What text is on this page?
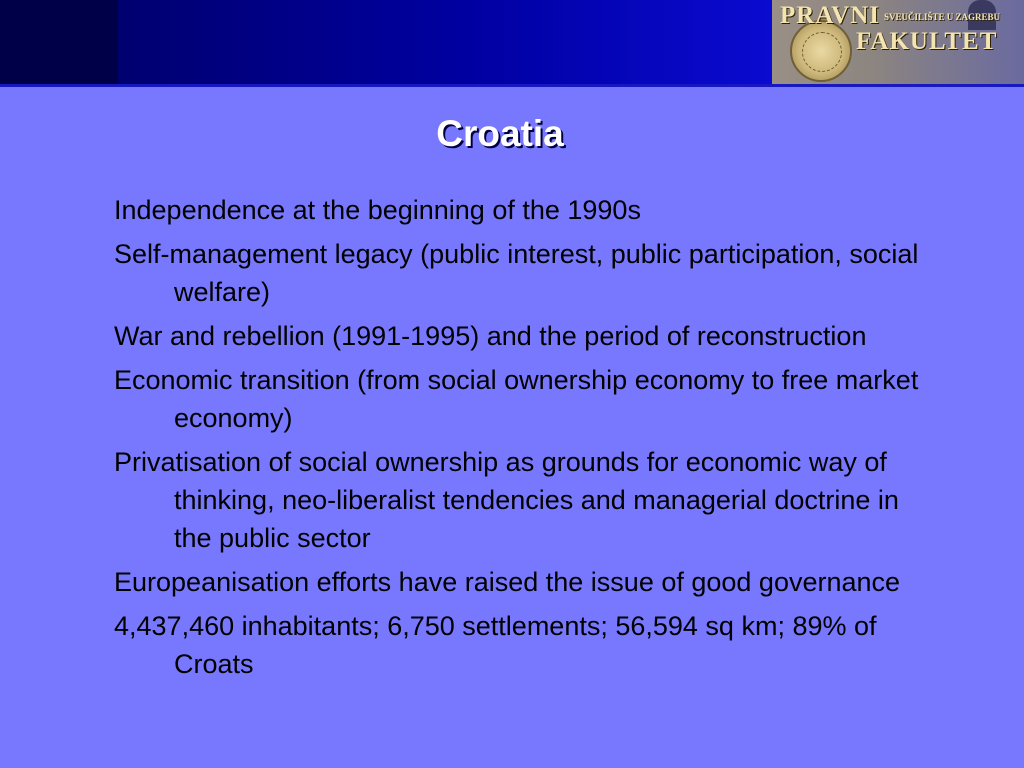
PRAVNI SVEUČILIŠTE U ZAGREBU
FAKULTET
Croatia
Independence at the beginning of the 1990s
Self-management legacy (public interest, public participation, social welfare)
War and rebellion (1991-1995) and the period of reconstruction
Economic transition (from social ownership economy to free market economy)
Privatisation of social ownership as grounds for economic way of thinking, neo-liberalist tendencies and managerial doctrine in the public sector
Europeanisation efforts have raised the issue of good governance
4,437,460 inhabitants; 6,750 settlements; 56,594 sq km; 89% of Croats
